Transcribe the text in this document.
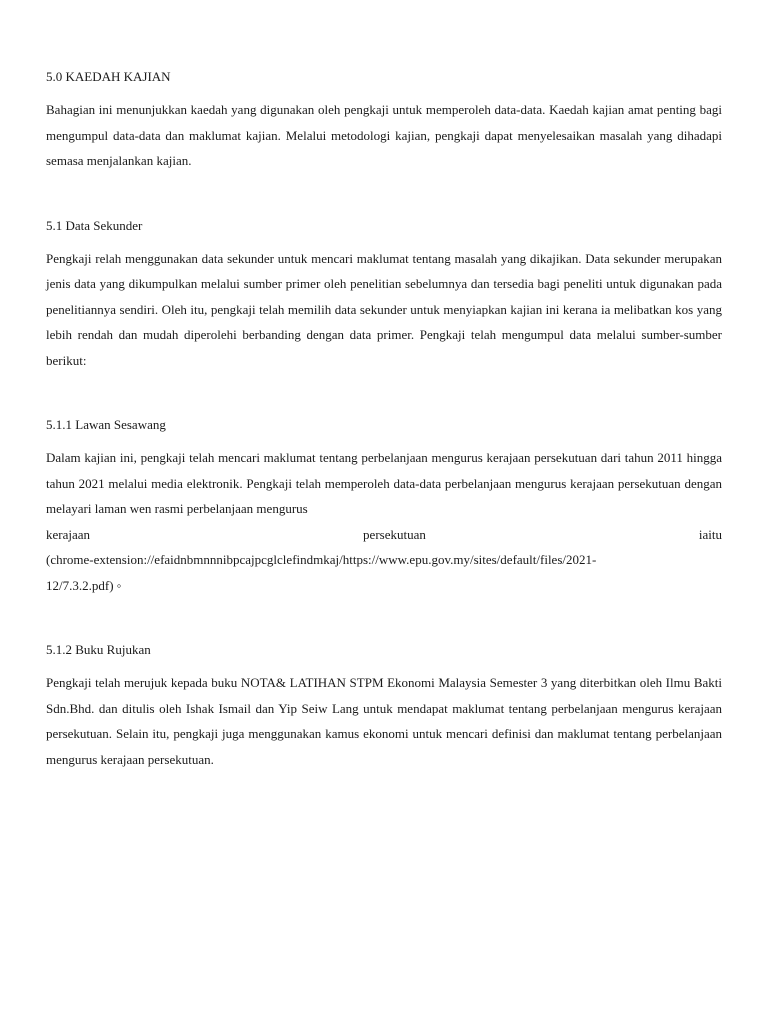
5.0 KAEDAH KAJIAN

Bahagian ini menunjukkan kaedah yang digunakan oleh pengkaji untuk memperoleh data-data. Kaedah kajian amat penting bagi mengumpul data-data dan maklumat kajian. Melalui metodologi kajian, pengkaji dapat menyelesaikan masalah yang dihadapi semasa menjalankan kajian.

5.1 Data Sekunder

Pengkaji relah menggunakan data sekunder untuk mencari maklumat tentang masalah yang dikajikan. Data sekunder merupakan jenis data yang dikumpulkan melalui sumber primer oleh penelitian sebelumnya dan tersedia bagi peneliti untuk digunakan pada penelitiannya sendiri. Oleh itu, pengkaji telah memilih data sekunder untuk menyiapkan kajian ini kerana ia melibatkan kos yang lebih rendah dan mudah diperolehi berbanding dengan data primer. Pengkaji telah mengumpul data melalui sumber-sumber berikut:

5.1.1 Lawan Sesawang

Dalam kajian ini, pengkaji telah mencari maklumat tentang perbelanjaan mengurus kerajaan persekutuan dari tahun 2011 hingga tahun 2021 melalui media elektronik. Pengkaji telah memperoleh data-data perbelanjaan mengurus kerajaan persekutuan dengan melayari laman wen rasmi perbelanjaan mengurus

kerajaan	persekutuan	iaitu
(chrome-extension://efaidnbmnnnibpcajpcglclefindmkaj/https://www.epu.gov.my/sites/default/files/2021-
12/7.3.2.pdf) ◦

5.1.2 Buku Rujukan

Pengkaji telah merujuk kepada buku NOTA& LATIHAN STPM Ekonomi Malaysia Semester 3 yang diterbitkan oleh Ilmu Bakti Sdn.Bhd. dan ditulis oleh Ishak Ismail dan Yip Seiw Lang untuk mendapat maklumat tentang perbelanjaan mengurus kerajaan persekutuan. Selain itu, pengkaji juga menggunakan kamus ekonomi untuk mencari definisi dan maklumat tentang perbelanjaan mengurus kerajaan persekutuan.
